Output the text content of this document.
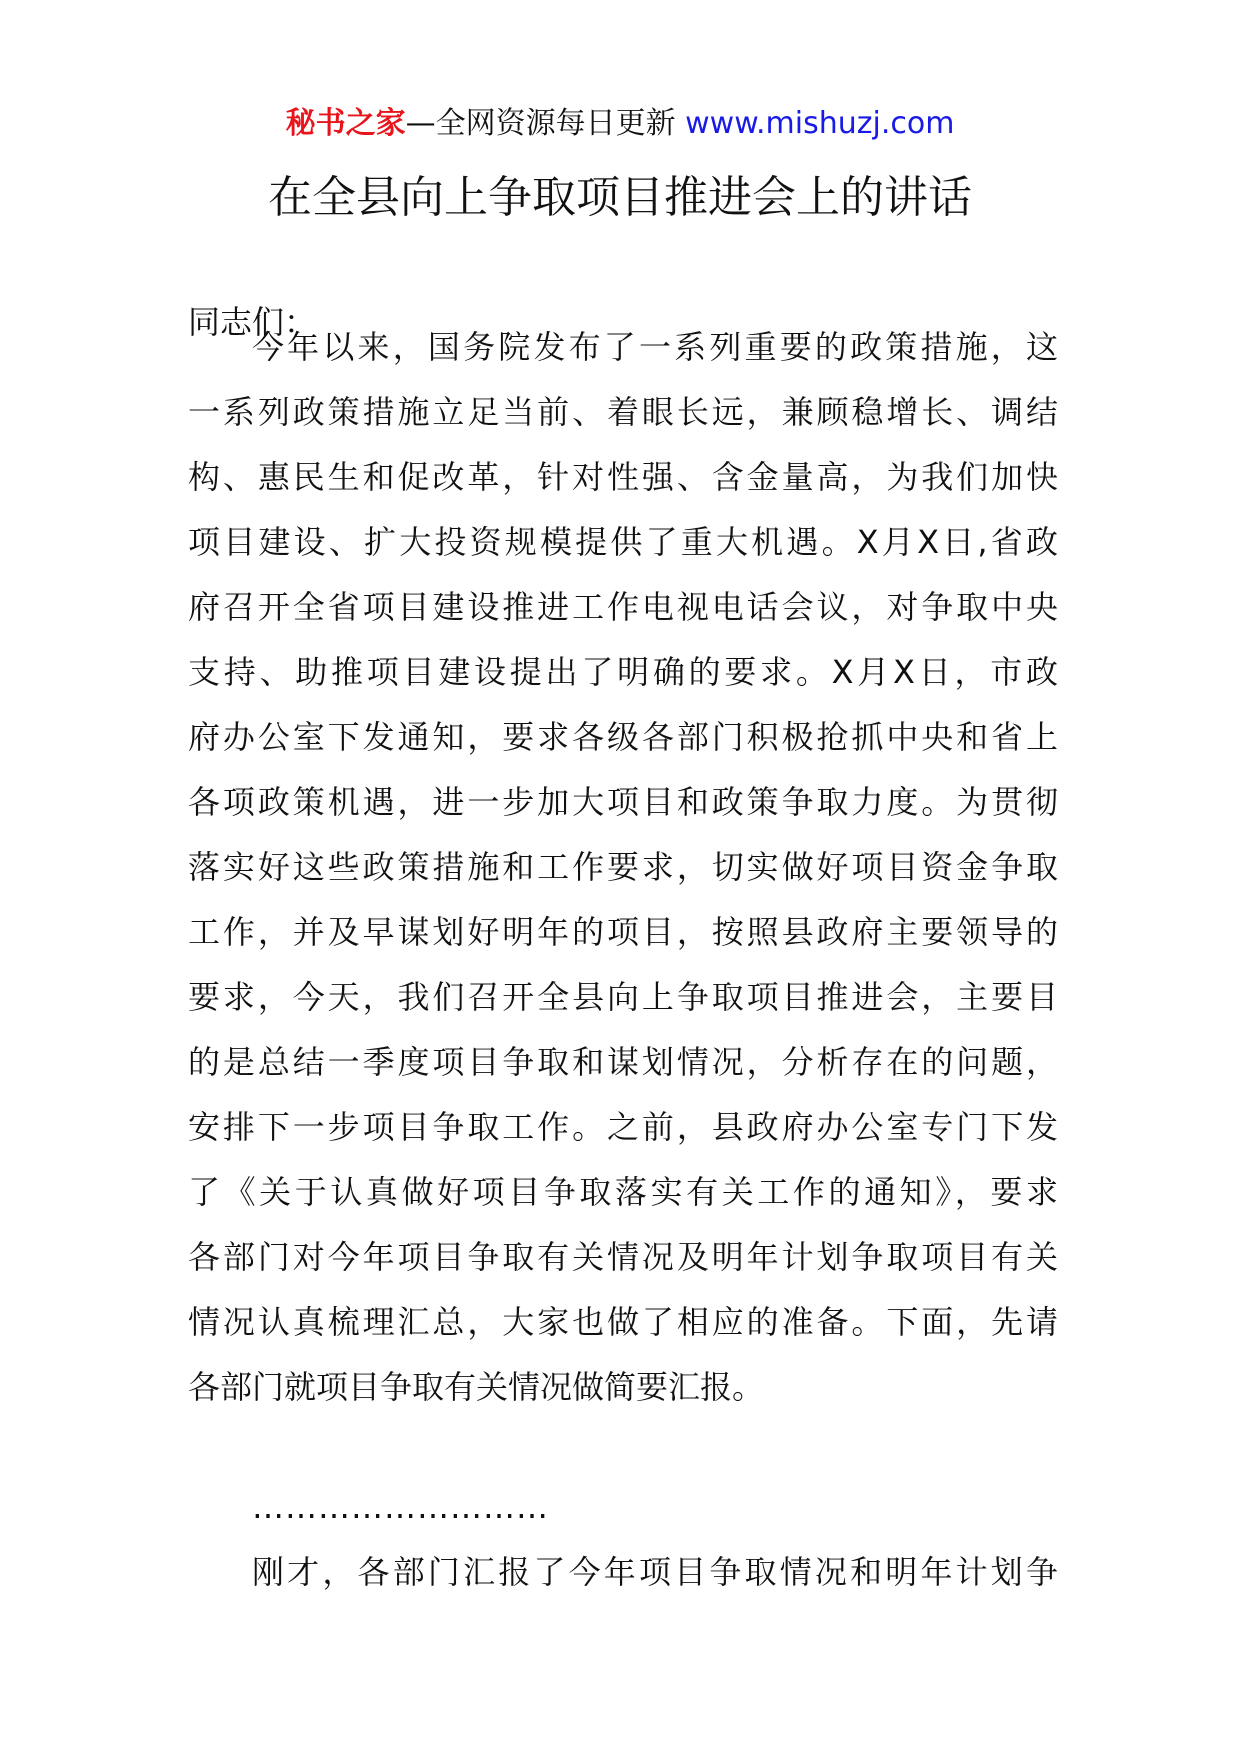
秘书之家—全网资源每日更新 www.mishuzj.com
在全县向上争取项目推进会上的讲话
同志们：
今年以来，国务院发布了一系列重要的政策措施，这
一系列政策措施立足当前、着眼长远，兼顾稳增长、调结
构、惠民生和促改革，针对性强、含金量高，为我们加快
项目建设、扩大投资规模提供了重大机遇。X月X日,省政
府召开全省项目建设推进工作电视电话会议，对争取中央
支持、助推项目建设提出了明确的要求。X月X日，市政
府办公室下发通知，要求各级各部门积极抢抓中央和省上
各项政策机遇，进一步加大项目和政策争取力度。为贯彻
落实好这些政策措施和工作要求，切实做好项目资金争取
工作，并及早谋划好明年的项目，按照县政府主要领导的
要求，今天，我们召开全县向上争取项目推进会，主要目
的是总结一季度项目争取和谋划情况，分析存在的问题，
安排下一步项目争取工作。之前，县政府办公室专门下发
了《关于认真做好项目争取落实有关工作的通知》，要求
各部门对今年项目争取有关情况及明年计划争取项目有关
情况认真梳理汇总，大家也做了相应的准备。下面，先请
各部门就项目争取有关情况做简要汇报。
………………………
刚才，各部门汇报了今年项目争取情况和明年计划争
